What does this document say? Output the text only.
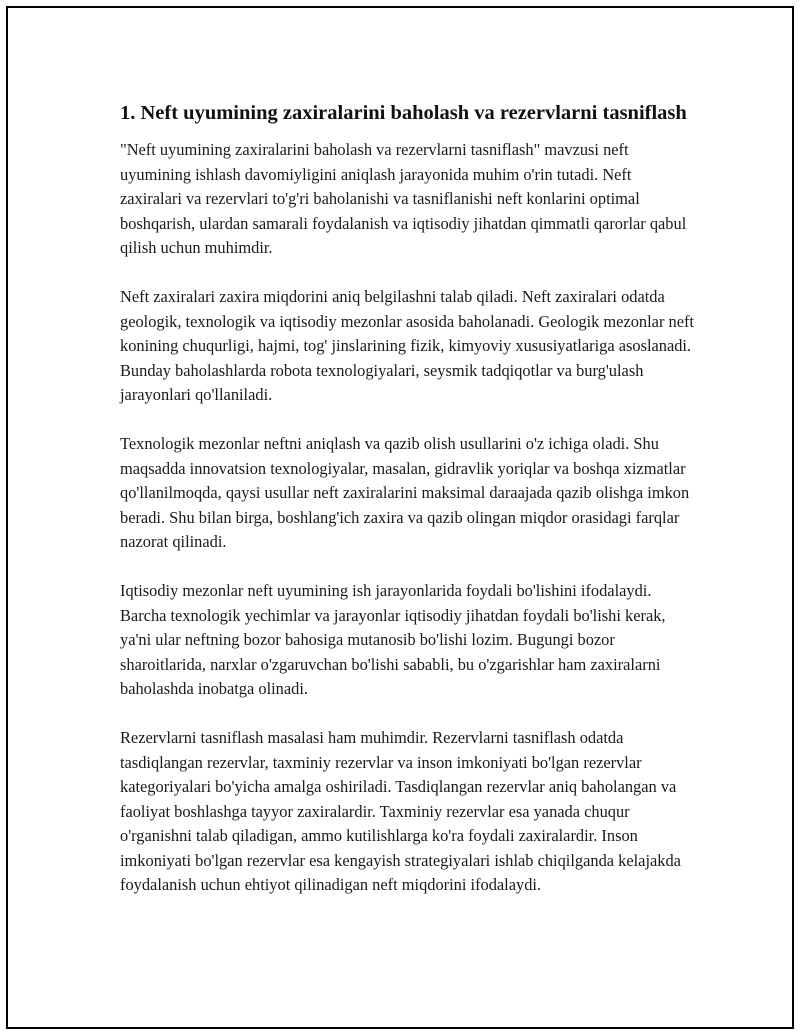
1. Neft uyumining zaxiralarini baholash va rezervlarni tasniflash

"Neft uyumining zaxiralarini baholash va rezervlarni tasniflash" mavzusi neft uyumining ishlash davomiyligini aniqlash jarayonida muhim o'rin tutadi. Neft zaxiralari va rezervlari to'g'ri baholanishi va tasniflanishi neft konlarini optimal boshqarish, ulardan samarali foydalanish va iqtisodiy jihatdan qimmatli qarorlar qabul qilish uchun muhimdir.

Neft zaxiralari zaxira miqdorini aniq belgilashni talab qiladi. Neft zaxiralari odatda geologik, texnologik va iqtisodiy mezonlar asosida baholanadi. Geologik mezonlar neft konining chuqurligi, hajmi, tog' jinslarining fizik, kimyoviy xususiyatlariga asoslanadi. Bunday baholashlarda robota texnologiyalari, seysmik tadqiqotlar va burg'ulash jarayonlari qo'llaniladi.

Texnologik mezonlar neftni aniqlash va qazib olish usullarini o'z ichiga oladi. Shu maqsadda innovatsion texnologiyalar, masalan, gidravlik yoriqlar va boshqa xizmatlar qo'llanilmoqda, qaysi usullar neft zaxiralarini maksimal daraajada qazib olishga imkon beradi. Shu bilan birga, boshlang'ich zaxira va qazib olingan miqdor orasidagi farqlar nazorat qilinadi.

Iqtisodiy mezonlar neft uyumining ish jarayonlarida foydali bo'lishini ifodalaydi. Barcha texnologik yechimlar va jarayonlar iqtisodiy jihatdan foydali bo'lishi kerak, ya'ni ular neftning bozor bahosiga mutanosib bo'lishi lozim. Bugungi bozor sharoitlarida, narxlar o'zgaruvchan bo'lishi sababli, bu o'zgarishlar ham zaxiralarni baholashda inobatga olinadi.

Rezervlarni tasniflash masalasi ham muhimdir. Rezervlarni tasniflash odatda tasdiqlangan rezervlar, taxminiy rezervlar va inson imkoniyati bo'lgan rezervlar kategoriyalari bo'yicha amalga oshiriladi. Tasdiqlangan rezervlar aniq baholangan va faoliyat boshlashga tayyor zaxiralardir. Taxminiy rezervlar esa yanada chuqur o'rganishni talab qiladigan, ammo kutilishlarga ko'ra foydali zaxiralardir. Inson imkoniyati bo'lgan rezervlar esa kengayish strategiyalari ishlab chiqilganda kelajakda foydalanish uchun ehtiyot qilinadigan neft miqdorini ifodalaydi.
